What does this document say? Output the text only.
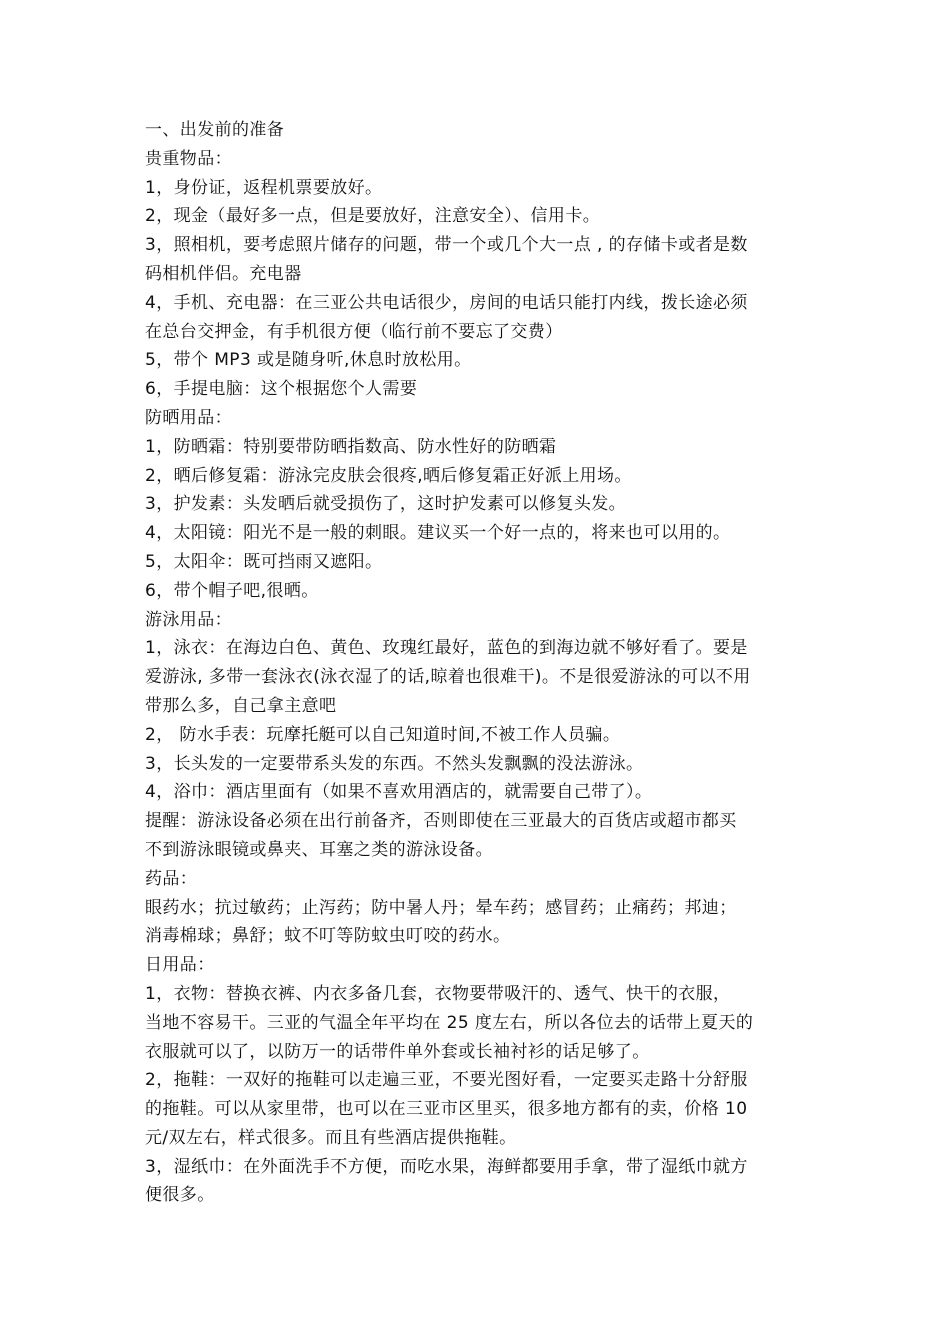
一、出发前的准备
贵重物品：
1，身份证，返程机票要放好。
2，现金（最好多一点，但是要放好，注意安全）、信用卡。
3，照相机，要考虑照片储存的问题，带一个或几个大一点 , 的存储卡或者是数
码相机伴侣。充电器
4，手机、充电器：在三亚公共电话很少，房间的电话只能打内线，拨长途必须
在总台交押金，有手机很方便（临行前不要忘了交费）
5，带个 MP3 或是随身听,休息时放松用。
6，手提电脑：这个根据您个人需要
防晒用品：
1，防晒霜：特别要带防晒指数高、防水性好的防晒霜
2，晒后修复霜：游泳完皮肤会很疼,晒后修复霜正好派上用场。
3，护发素：头发晒后就受损伤了，这时护发素可以修复头发。
4，太阳镜：阳光不是一般的刺眼。建议买一个好一点的，将来也可以用的。
5，太阳伞：既可挡雨又遮阳。
6，带个帽子吧,很晒。
游泳用品：
1，泳衣：在海边白色、黄色、玫瑰红最好，蓝色的到海边就不够好看了。要是
爱游泳, 多带一套泳衣(泳衣湿了的话,晾着也很难干)。不是很爱游泳的可以不用
带那么多，自己拿主意吧
2， 防水手表：玩摩托艇可以自己知道时间,不被工作人员骗。
3，长头发的一定要带系头发的东西。不然头发飘飘的没法游泳。
4，浴巾：酒店里面有（如果不喜欢用酒店的，就需要自己带了）。
提醒：游泳设备必须在出行前备齐，否则即使在三亚最大的百货店或超市都买
不到游泳眼镜或鼻夹、耳塞之类的游泳设备。
药品：
眼药水；抗过敏药；止泻药；防中暑人丹；晕车药；感冒药；止痛药；邦迪；
消毒棉球；鼻舒；蚊不叮等防蚊虫叮咬的药水。
日用品：
1，衣物：替换衣裤、内衣多备几套，衣物要带吸汗的、透气、快干的衣服，
当地不容易干。三亚的气温全年平均在 25 度左右，所以各位去的话带上夏天的
衣服就可以了，以防万一的话带件单外套或长袖衬衫的话足够了。
2，拖鞋：一双好的拖鞋可以走遍三亚，不要光图好看，一定要买走路十分舒服
的拖鞋。可以从家里带，也可以在三亚市区里买，很多地方都有的卖，价格 10
元/双左右，样式很多。而且有些酒店提供拖鞋。
3，湿纸巾：在外面洗手不方便，而吃水果，海鲜都要用手拿，带了湿纸巾就方
便很多。
